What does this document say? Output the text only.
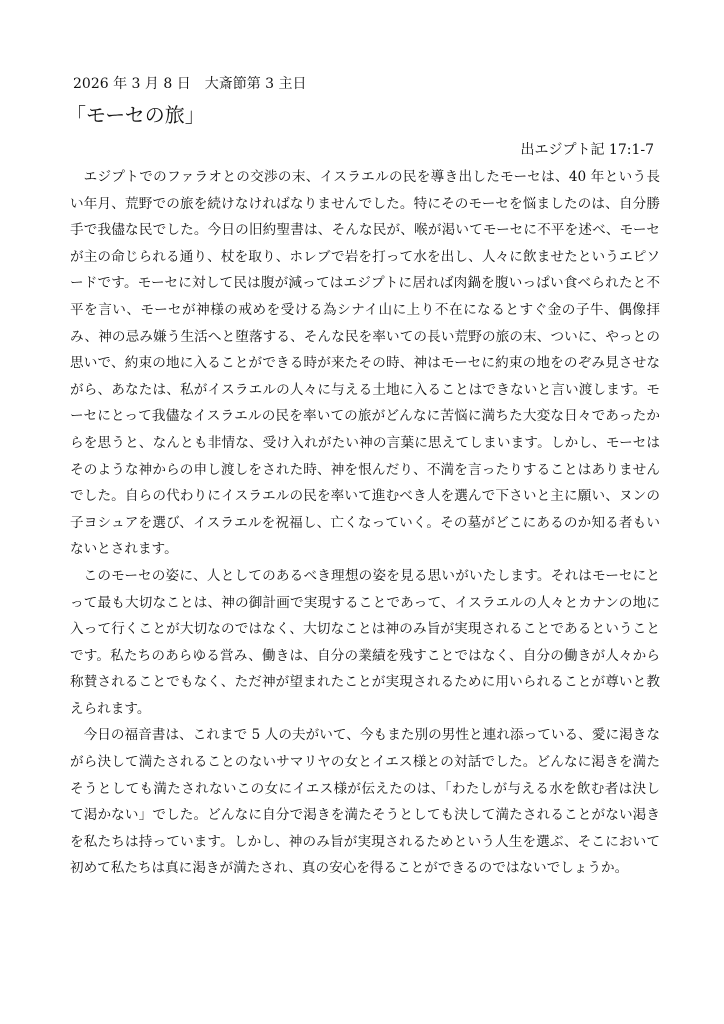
2026 年 3 月 8 日　大斎節第 3 主日
「モーセの旅」
出エジプト記 17:1-7

エジプトでのファラオとの交渉の末、イスラエルの民を導き出したモーセは、40 年という長い年月、荒野での旅を続けなければなりませんでした。特にそのモーセを悩ましたのは、自分勝手で我儘な民でした。今日の旧約聖書は、そんな民が、喉が渇いてモーセに不平を述べ、モーセが主の命じられる通り、杖を取り、ホレブで岩を打って水を出し、人々に飲ませたというエピソードです。モーセに対して民は腹が減ってはエジプトに居れば肉鍋を腹いっぱい食べられたと不平を言い、モーセが神様の戒めを受ける為シナイ山に上り不在になるとすぐ金の子牛、偶像拝み、神の忌み嫌う生活へと堕落する、そんな民を率いての長い荒野の旅の末、ついに、やっとの思いで、約束の地に入ることができる時が来たその時、神はモーセに約束の地をのぞみ見させながら、あなたは、私がイスラエルの人々に与える土地に入ることはできないと言い渡します。モーセにとって我儘なイスラエルの民を率いての旅がどんなに苦悩に満ちた大変な日々であったからを思うと、なんとも非情な、受け入れがたい神の言葉に思えてしまいます。しかし、モーセはそのような神からの申し渡しをされた時、神を恨んだり、不満を言ったりすることはありませんでした。自らの代わりにイスラエルの民を率いて進むべき人を選んで下さいと主に願い、ヌンの子ヨシュアを選び、イスラエルを祝福し、亡くなっていく。その墓がどこにあるのか知る者もいないとされます。

このモーセの姿に、人としてのあるべき理想の姿を見る思いがいたします。それはモーセにとって最も大切なことは、神の御計画で実現することであって、イスラエルの人々とカナンの地に入って行くことが大切なのではなく、大切なことは神のみ旨が実現されることであるということです。私たちのあらゆる営み、働きは、自分の業績を残すことではなく、自分の働きが人々から称賛されることでもなく、ただ神が望まれたことが実現されるために用いられることが尊いと教えられます。

今日の福音書は、これまで 5 人の夫がいて、今もまた別の男性と連れ添っている、愛に渇きながら決して満たされることのないサマリヤの女とイエス様との対話でした。どんなに渇きを満たそうとしても満たされないこの女にイエス様が伝えたのは、「わたしが与える水を飲む者は決して渇かない」でした。どんなに自分で渇きを満たそうとしても決して満たされることがない渇きを私たちは持っています。しかし、神のみ旨が実現されるためという人生を選ぶ、そこにおいて初めて私たちは真に渇きが満たされ、真の安心を得ることができるのではないでしょうか。
